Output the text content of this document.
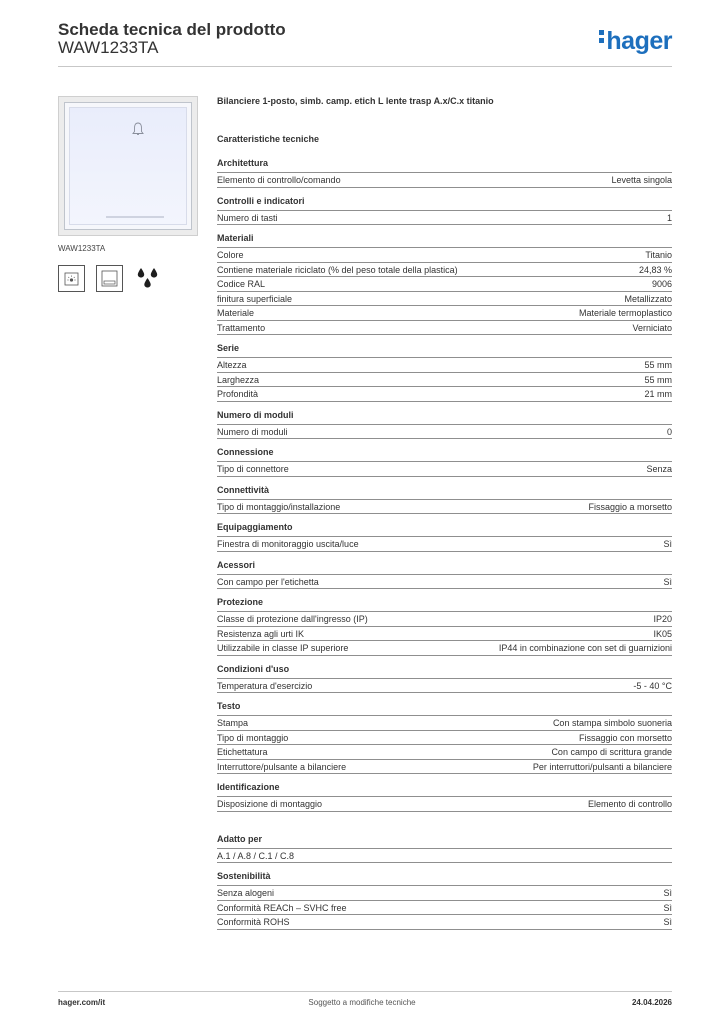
Scheda tecnica del prodotto
WAW1233TA	hager
WAW1233TA
Bilanciere 1-posto, simb. camp. etich L lente trasp A.x/C.x titanio
Caratteristiche tecniche
Architettura
Elemento di controllo/comando	Levetta singola
Controlli e indicatori
Numero di tasti	1
Materiali
Colore	Titanio
Contiene materiale riciclato (% del peso totale della plastica)	24,83 %
Codice RAL	9006
finitura superficiale	Metallizzato
Materiale	Materiale termoplastico
Trattamento	Verniciato
Serie
Altezza	55 mm
Larghezza	55 mm
Profondità	21 mm
Numero di moduli
Numero di moduli	0
Connessione
Tipo di connettore	Senza
Connettività
Tipo di montaggio/installazione	Fissaggio a morsetto
Equipaggiamento
Finestra di monitoraggio uscita/luce	Sì
Acessori
Con campo per l'etichetta	Sì
Protezione
Classe di protezione dall'ingresso (IP)	IP20
Resistenza agli urti IK	IK05
Utilizzabile in classe IP superiore	IP44 in combinazione con set di guarnizioni
Condizioni d'uso
Temperatura d'esercizio	-5 - 40 °C
Testo
Stampa	Con stampa simbolo suoneria
Tipo di montaggio	Fissaggio con morsetto
Etichettatura	Con campo di scrittura grande
Interruttore/pulsante a bilanciere	Per interruttori/pulsanti a bilanciere
Identificazione
Disposizione di montaggio	Elemento di controllo
Adatto per
A.1 / A.8 / C.1 / C.8
Sostenibilità
Senza alogeni	Sì
Conformità REACh – SVHC free	Sì
Conformità ROHS	Sì
hager.com/it	Soggetto a modifiche tecniche	24.04.2026
